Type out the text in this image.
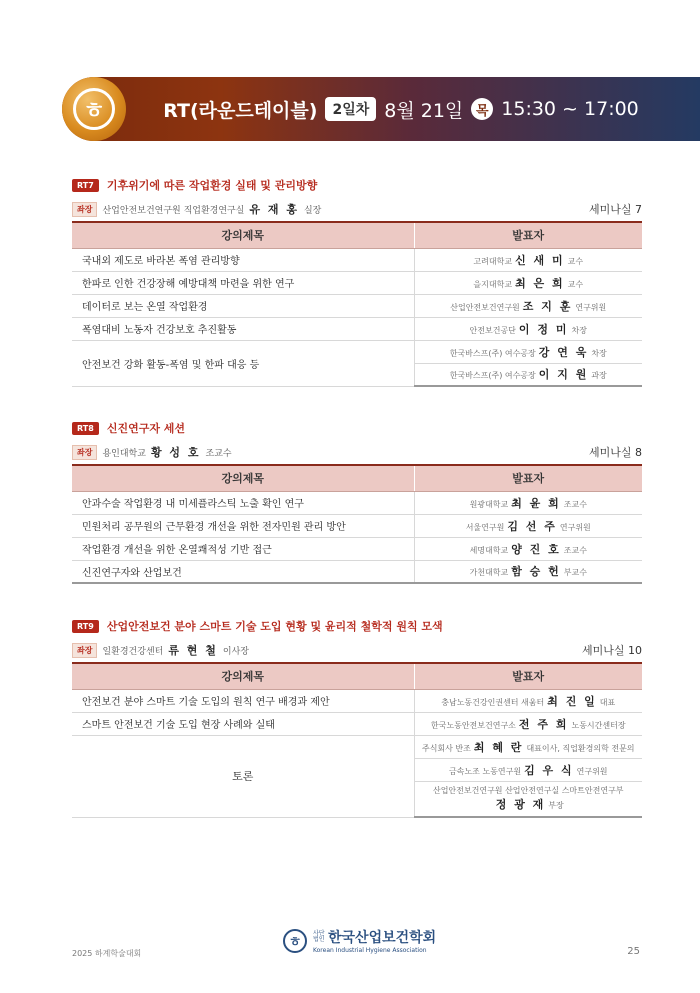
ㅎ	RT(라운드테이블)	2일차 8월 21일 목 15:30 ~ 17:00
RT7	기후위기에 따른 작업환경 실태 및 관리방향
좌장	산업안전보건연구원 직업환경연구실 유 재 홍 실장	세미나실 7
강의제목	발표자
국내외 제도로 바라본 폭염 관리방향	고려대학교 신 새 미 교수
한파로 인한 건강장해 예방대책 마련을 위한 연구	을지대학교 최 은 희 교수
데이터로 보는 온열 작업환경	산업안전보건연구원 조 지 훈 연구위원
폭염대비 노동자 건강보호 추진활동	안전보건공단 이 정 미 차장
안전보건 강화 활동-폭염 및 한파 대응 등	한국바스프(주) 여수공장 강 연 욱 차장
	한국바스프(주) 여수공장 이 지 원 과장
RT8	신진연구자 세션
좌장	용인대학교 황 성 호 조교수	세미나실 8
강의제목	발표자
안과수술 작업환경 내 미세플라스틱 노출 확인 연구	원광대학교 최 윤 희 조교수
민원처리 공무원의 근무환경 개선을 위한 전자민원 관리 방안	서울연구원 김 선 주 연구위원
작업환경 개선을 위한 온열쾌적성 기반 접근	세명대학교 양 진 호 조교수
신진연구자와 산업보건	가천대학교 함 승 헌 부교수
RT9	산업안전보건 분야 스마트 기술 도입 현황 및 윤리적 철학적 원칙 모색
좌장	일환경건강센터 류 현 철 이사장	세미나실 10
강의제목	발표자
안전보건 분야 스마트 기술 도입의 원칙 연구 배경과 제안	충남노동건강인권센터 새움터 최 진 일 대표
스마트 안전보건 기술 도입 현장 사례와 실태	한국노동안전보건연구소 전 주 희 노동시간센터장
토론	주식회사 반조 최 혜 란 대표이사, 직업환경의학 전문의
	금속노조 노동연구원 김 우 식 연구위원

	산업안전보건연구원 산업안전연구실 스마트안전연구부
정 광 재 부장
2025 하계학술대회
ㅎ
사단법인 한국산업보건학회
Korean Industrial Hygiene Association	25
